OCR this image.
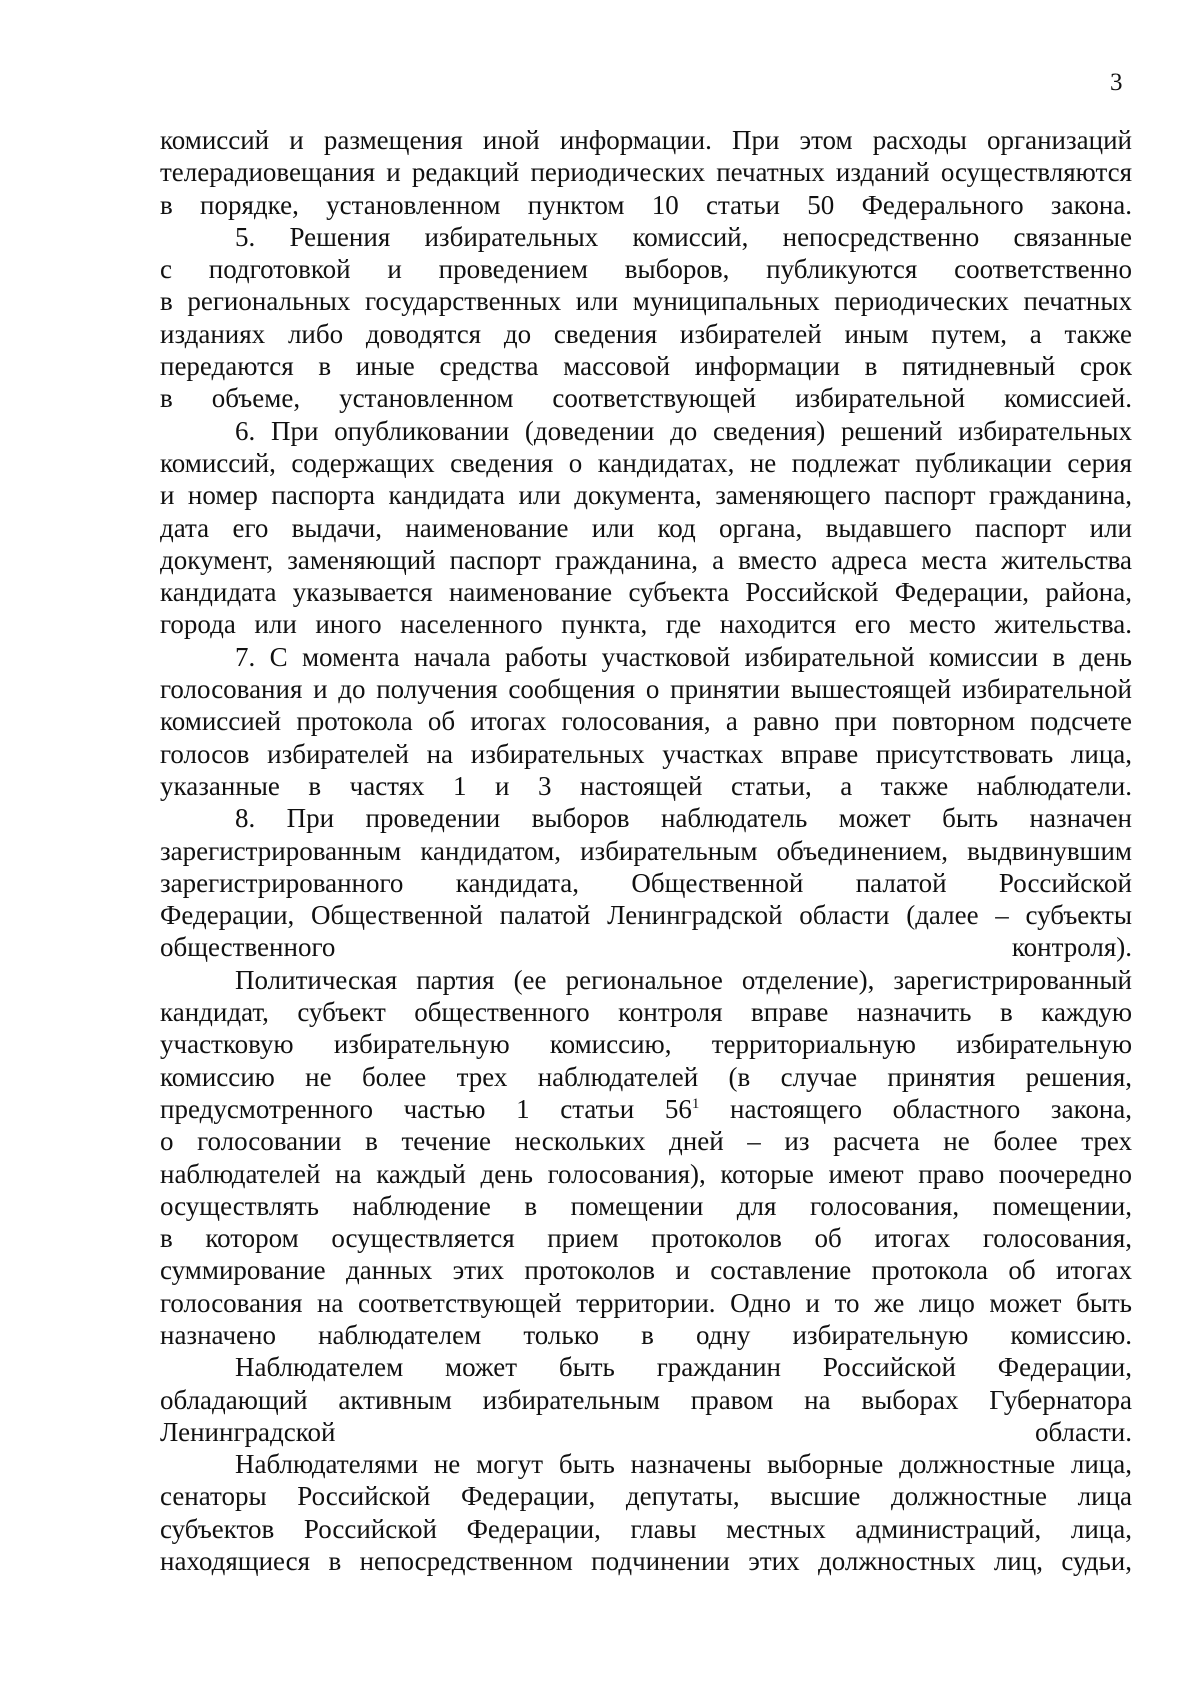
3

комиссий и размещения иной информации. При этом расходы организаций
телерадиовещания и редакций периодических печатных изданий осуществляются
в порядке, установленном пунктом 10 статьи 50 Федерального закона.

5. Решения избирательных комиссий, непосредственно связанные
с подготовкой и проведением выборов, публикуются соответственно
в региональных государственных или муниципальных периодических печатных
изданиях либо доводятся до сведения избирателей иным путем, а также
передаются в иные средства массовой информации в пятидневный срок
в объеме, установленном соответствующей избирательной комиссией.

6. При опубликовании (доведении до сведения) решений избирательных
комиссий, содержащих сведения о кандидатах, не подлежат публикации серия
и номер паспорта кандидата или документа, заменяющего паспорт гражданина,
дата его выдачи, наименование или код органа, выдавшего паспорт или
документ, заменяющий паспорт гражданина, а вместо адреса места жительства
кандидата указывается наименование субъекта Российской Федерации, района,
города или иного населенного пункта, где находится его место жительства.

7. С момента начала работы участковой избирательной комиссии в день
голосования и до получения сообщения о принятии вышестоящей избирательной
комиссией протокола об итогах голосования, а равно при повторном подсчете
голосов избирателей на избирательных участках вправе присутствовать лица,
указанные в частях 1 и 3 настоящей статьи, а также наблюдатели.

8. При проведении выборов наблюдатель может быть назначен
зарегистрированным кандидатом, избирательным объединением, выдвинувшим
зарегистрированного кандидата, Общественной палатой Российской
Федерации, Общественной палатой Ленинградской области (далее – субъекты
общественного контроля).

Политическая партия (ее региональное отделение), зарегистрированный
кандидат, субъект общественного контроля вправе назначить в каждую
участковую избирательную комиссию, территориальную избирательную
комиссию не более трех наблюдателей (в случае принятия решения,
предусмотренного частью 1 статьи $56^1$ настоящего областного закона,
о голосовании в течение нескольких дней – из расчета не более трех
наблюдателей на каждый день голосования), которые имеют право поочередно
осуществлять наблюдение в помещении для голосования, помещении,
в котором осуществляется прием протоколов об итогах голосования,
суммирование данных этих протоколов и составление протокола об итогах
голосования на соответствующей территории. Одно и то же лицо может быть
назначено наблюдателем только в одну избирательную комиссию.

Наблюдателем может быть гражданин Российской Федерации,
обладающий активным избирательным правом на выборах Губернатора
Ленинградской области.

Наблюдателями не могут быть назначены выборные должностные лица,
сенаторы Российской Федерации, депутаты, высшие должностные лица
субъектов Российской Федерации, главы местных администраций, лица,
находящиеся в непосредственном подчинении этих должностных лиц, судьи,
